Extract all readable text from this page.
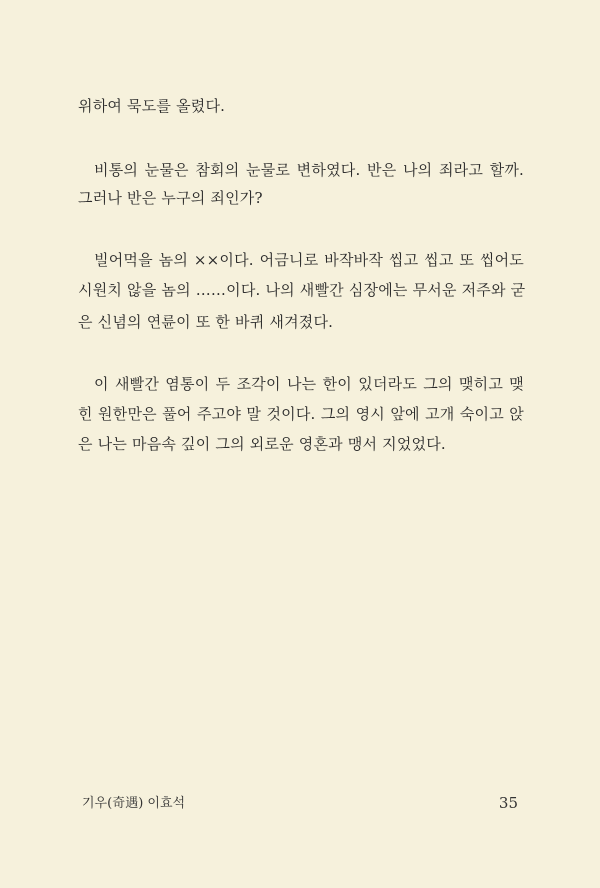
위하여 묵도를 올렸다.
비통의 눈물은 참회의 눈물로 변하였다. 반은 나의 죄라고 할까.
그러나 반은 누구의 죄인가?
빌어먹을 놈의 ××이다. 어금니로 바작바작 씹고 씹고 또 씹어도
시원치 않을 놈의 ……이다. 나의 새빨간 심장에는 무서운 저주와 굳
은 신념의 연륜이 또 한 바퀴 새겨졌다.
이 새빨간 염통이 두 조각이 나는 한이 있더라도 그의 맺히고 맺
힌 원한만은 풀어 주고야 말 것이다. 그의 영시 앞에 고개 숙이고 앉
은 나는 마음속 깊이 그의 외로운 영혼과 맹서 지었었다.
기우(奇遇) 이효석	35
